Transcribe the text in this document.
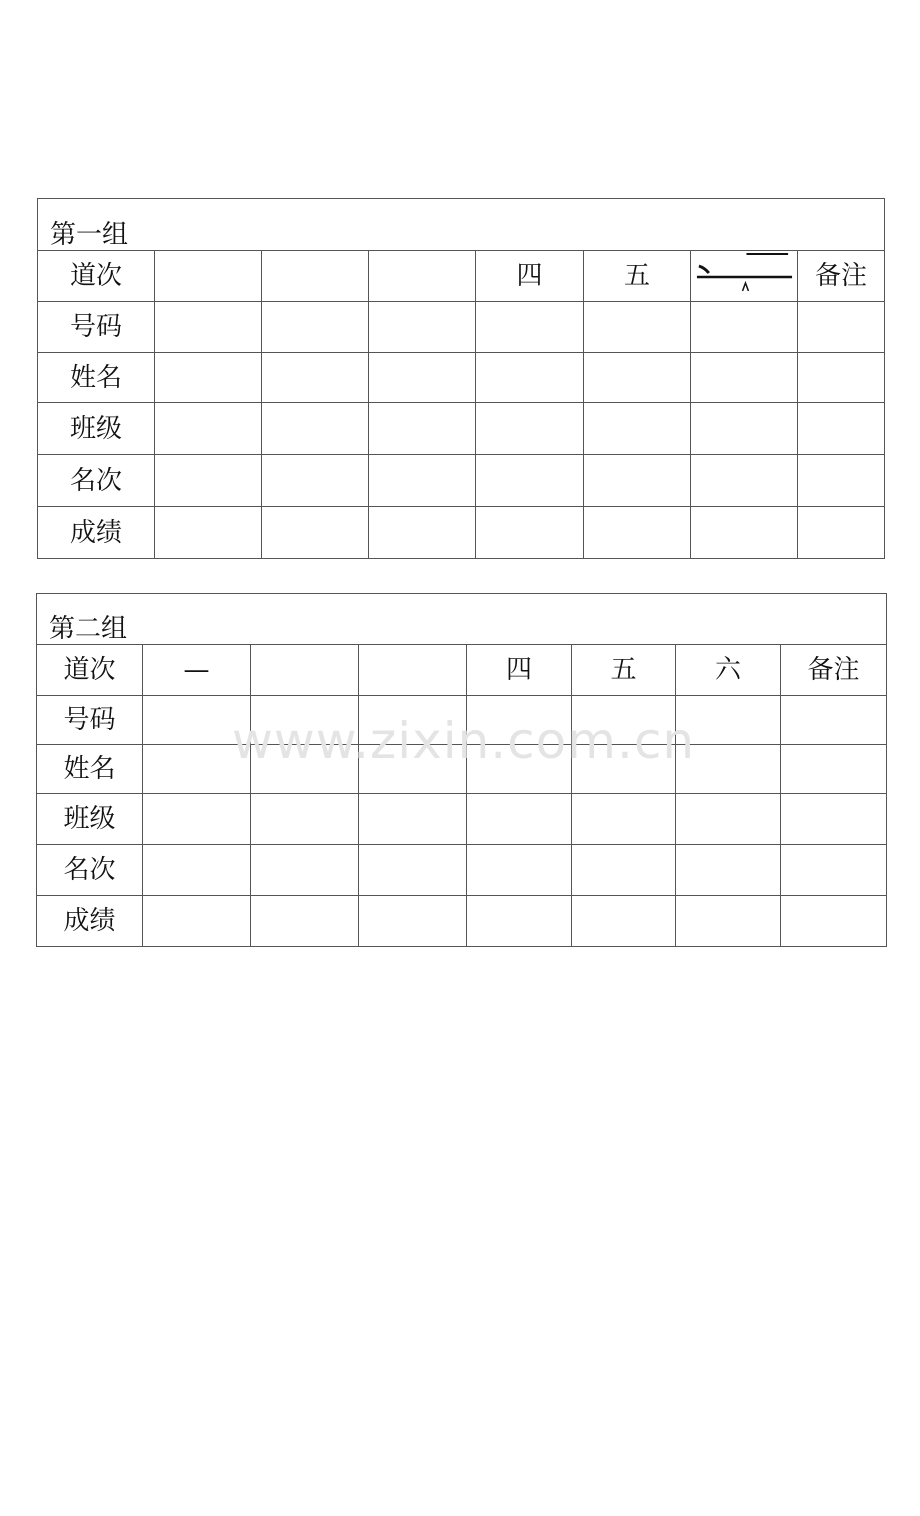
第一组							
道次				四	五		备注
号码							
姓名							
班级							
名次							
成绩							
第二组							
道次	—			四	五	六	备注
号码							
姓名							
班级							
名次							
成绩							
www.zixin.com.cn
